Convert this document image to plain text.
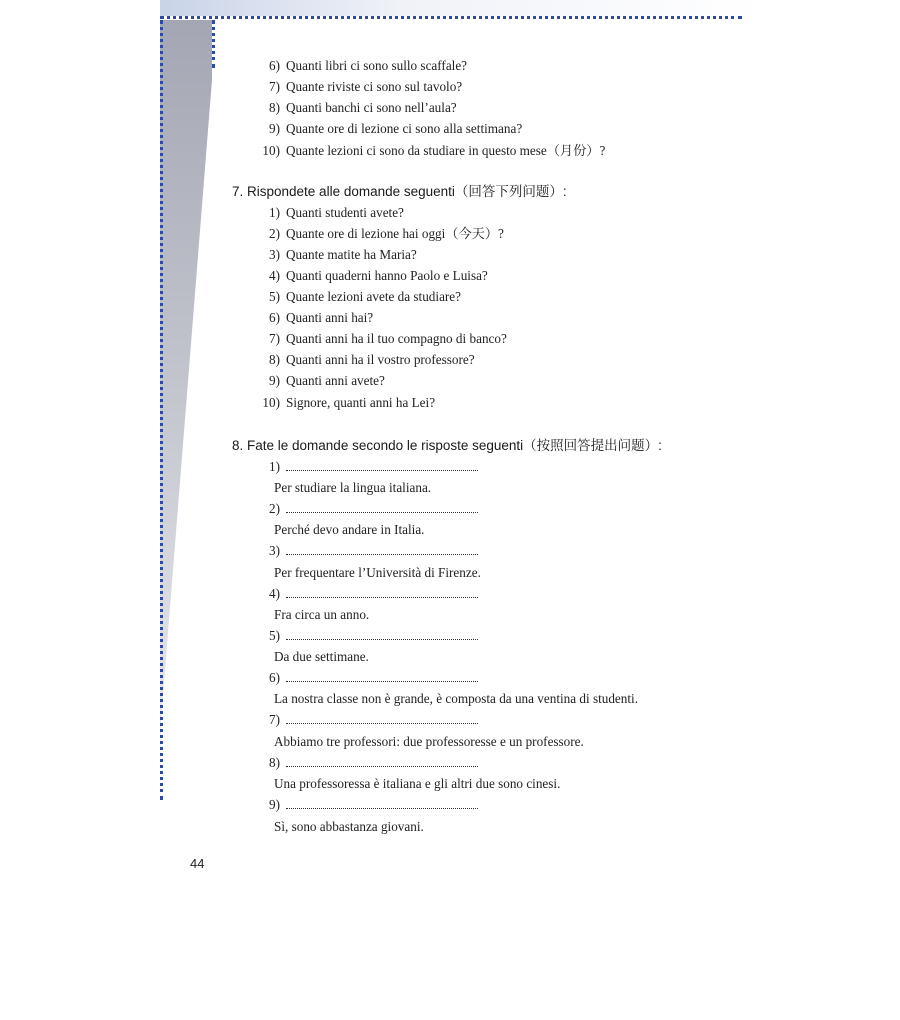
6) Quanti libri ci sono sullo scaffale?
7) Quante riviste ci sono sul tavolo?
8) Quanti banchi ci sono nell’aula?
9) Quante ore di lezione ci sono alla settimana?
10) Quante lezioni ci sono da studiare in questo mese（月份）?
7. Rispondete alle domande seguenti（回答下列问题）:
1) Quanti studenti avete?
2) Quante ore di lezione hai oggi（今天）?
3) Quante matite ha Maria?
4) Quanti quaderni hanno Paolo e Luisa?
5) Quante lezioni avete da studiare?
6) Quanti anni hai?
7) Quanti anni ha il tuo compagno di banco?
8) Quanti anni ha il vostro professore?
9) Quanti anni avete?
10) Signore, quanti anni ha Lei?
8. Fate le domande secondo le risposte seguenti（按照回答提出问题）:
1)
Per studiare la lingua italiana.
2)
Perché devo andare in Italia.
3)
Per frequentare l’Università di Firenze.
4)
Fra circa un anno.
5)
Da due settimane.
6)
La nostra classe non è grande, è composta da una ventina di studenti.
7)
Abbiamo tre professori: due professoresse e un professore.
8)
Una professoressa è italiana e gli altri due sono cinesi.
9)
Sì, sono abbastanza giovani.
44
